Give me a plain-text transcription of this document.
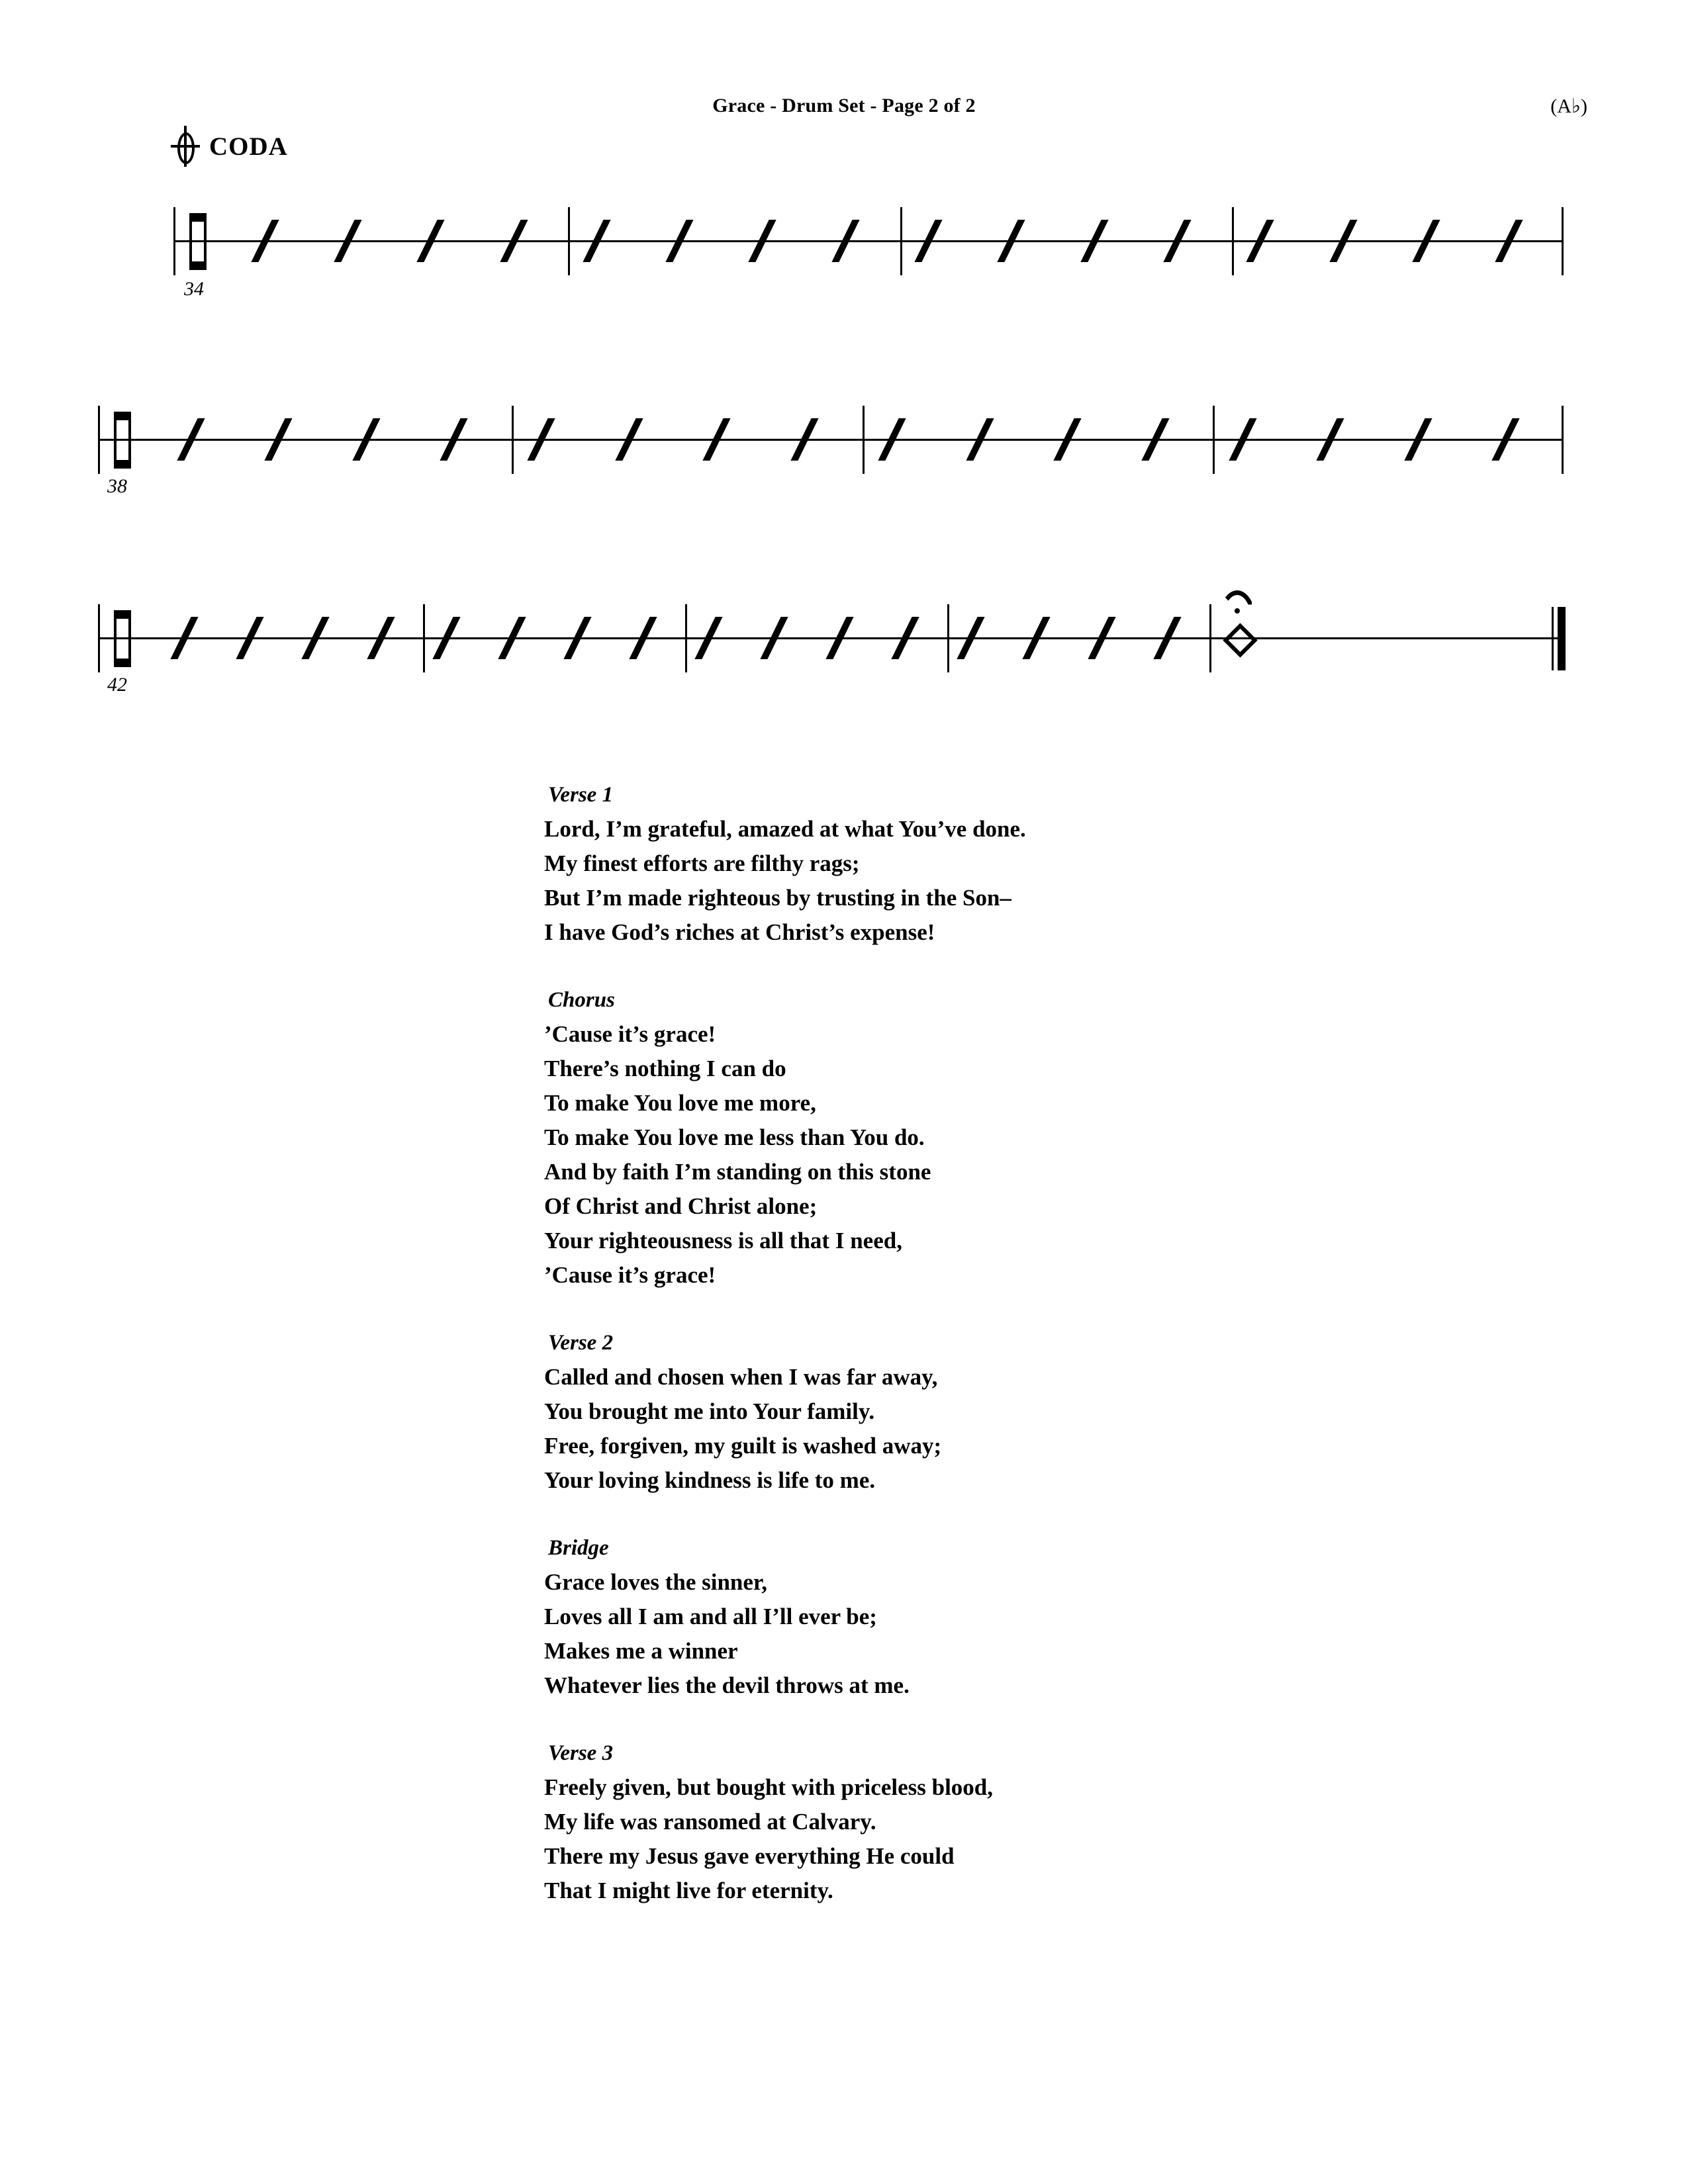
Grace - Drum Set - Page 2 of 2	(A♭)
CODA
34
38
42
Verse 1
Lord, I’m grateful, amazed at what You’ve done.
My finest efforts are filthy rags;
But I’m made righteous by trusting in the Son–
I have God’s riches at Christ’s expense!
Chorus
’Cause it’s grace!
There’s nothing I can do
To make You love me more,
To make You love me less than You do.
And by faith I’m standing on this stone
Of Christ and Christ alone;
Your righteousness is all that I need,
’Cause it’s grace!
Verse 2
Called and chosen when I was far away,
You brought me into Your family.
Free, forgiven, my guilt is washed away;
Your loving kindness is life to me.
Bridge
Grace loves the sinner,
Loves all I am and all I’ll ever be;
Makes me a winner
Whatever lies the devil throws at me.
Verse 3
Freely given, but bought with priceless blood,
My life was ransomed at Calvary.
There my Jesus gave everything He could
That I might live for eternity.
